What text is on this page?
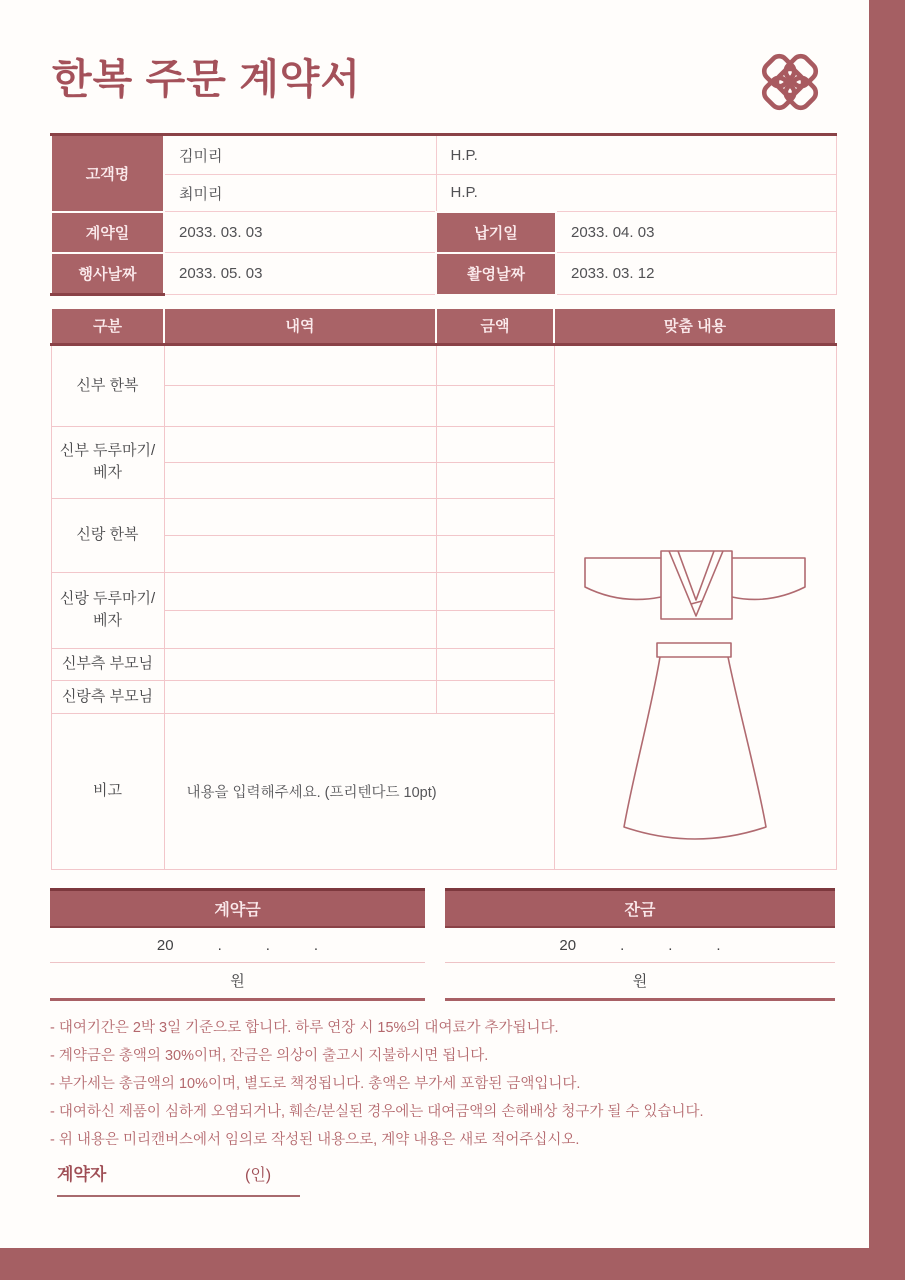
한복 주문 계약서
고객명	김미리	H.P.	
	최미리	H.P.	
계약일	2033. 03. 03	납기일	2033. 04. 03
행사날짜	2033. 05. 03	촬영날짜	2033. 03. 12
구분	내역	금액	맞춤 내용
신부 한복			

신부 두루마기/베자			

신랑 한복			

신랑 두루마기/베자			

신부측 부모님			
신랑측 부모님			
비고	내용을 입력해주세요. (프리텐다드 10pt)		
계약금
20	.	.	.
원
잔금
20	.	.	.
원
- 대여기간은 2박 3일 기준으로 합니다. 하루 연장 시 15%의 대여료가 추가됩니다.
- 계약금은 총액의 30%이며, 잔금은 의상이 출고시 지불하시면 됩니다.
- 부가세는 총금액의 10%이며, 별도로 책정됩니다. 총액은 부가세 포함된 금액입니다.
- 대여하신 제품이 심하게 오염되거나, 훼손/분실된 경우에는 대여금액의 손해배상 청구가 될 수 있습니다.
- 위 내용은 미리캔버스에서 임의로 작성된 내용으로, 계약 내용은 새로 적어주십시오.
계약자	(인)
